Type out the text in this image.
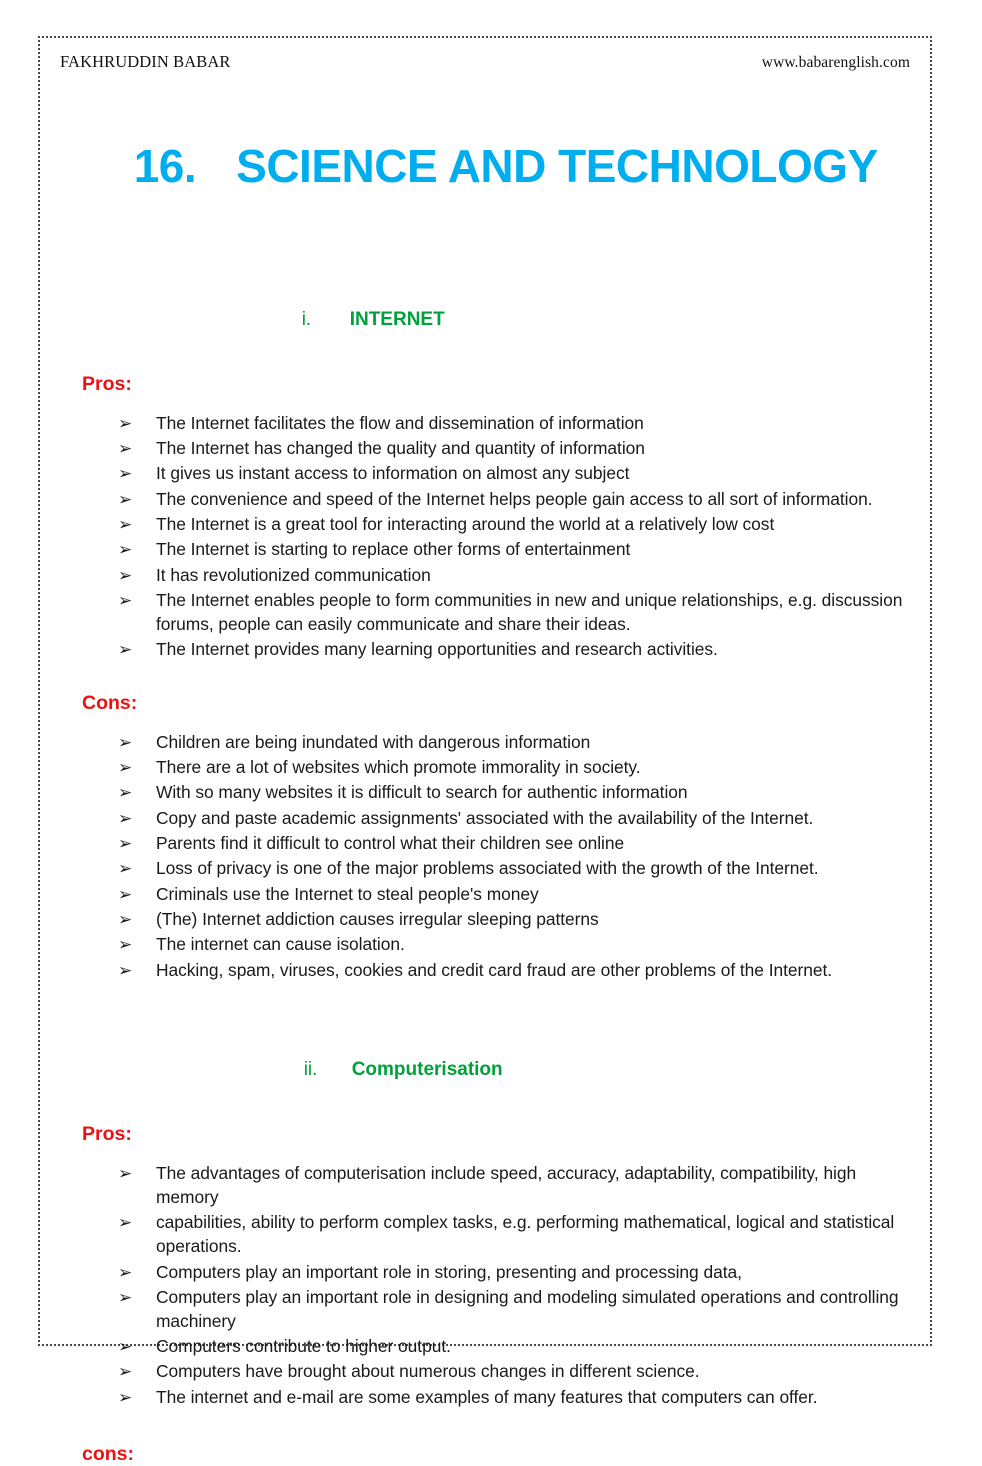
FAKHRUDDIN BABAR	www.babarenglish.com

16. SCIENCE AND TECHNOLOGY

i. INTERNET

Pros:
➢ The Internet facilitates the flow and dissemination of information
➢ The Internet has changed the quality and quantity of information
➢ It gives us instant access to information on almost any subject
➢ The convenience and speed of the Internet helps people gain access to all sort of information.
➢ The Internet is a great tool for interacting around the world at a relatively low cost
➢ The Internet is starting to replace other forms of entertainment
➢ It has revolutionized communication
➢ The Internet enables people to form communities in new and unique relationships, e.g. discussion forums, people can easily communicate and share their ideas.
➢ The Internet provides many learning opportunities and research activities.
Cons:
➢ Children are being inundated with dangerous information
➢ There are a lot of websites which promote immorality in society.
➢ With so many websites it is difficult to search for authentic information
➢ Copy and paste academic assignments' associated with the availability of the Internet.
➢ Parents find it difficult to control what their children see online
➢ Loss of privacy is one of the major problems associated with the growth of the Internet.
➢ Criminals use the Internet to steal people's money
➢ (The) Internet addiction causes irregular sleeping patterns
➢ The internet can cause isolation.
➢ Hacking, spam, viruses, cookies and credit card fraud are other problems of the Internet.

ii. Computerisation

Pros:
➢ The advantages of computerisation include speed, accuracy, adaptability, compatibility, high memory
➢ capabilities, ability to perform complex tasks, e.g. performing mathematical, logical and statistical operations.
➢ Computers play an important role in storing, presenting and processing data,
➢ Computers play an important role in designing and modeling simulated operations and controlling machinery
➢ Computers contribute to higher output.
➢ Computers have brought about numerous changes in different science.
➢ The internet and e-mail are some examples of many features that computers can offer.
cons:
